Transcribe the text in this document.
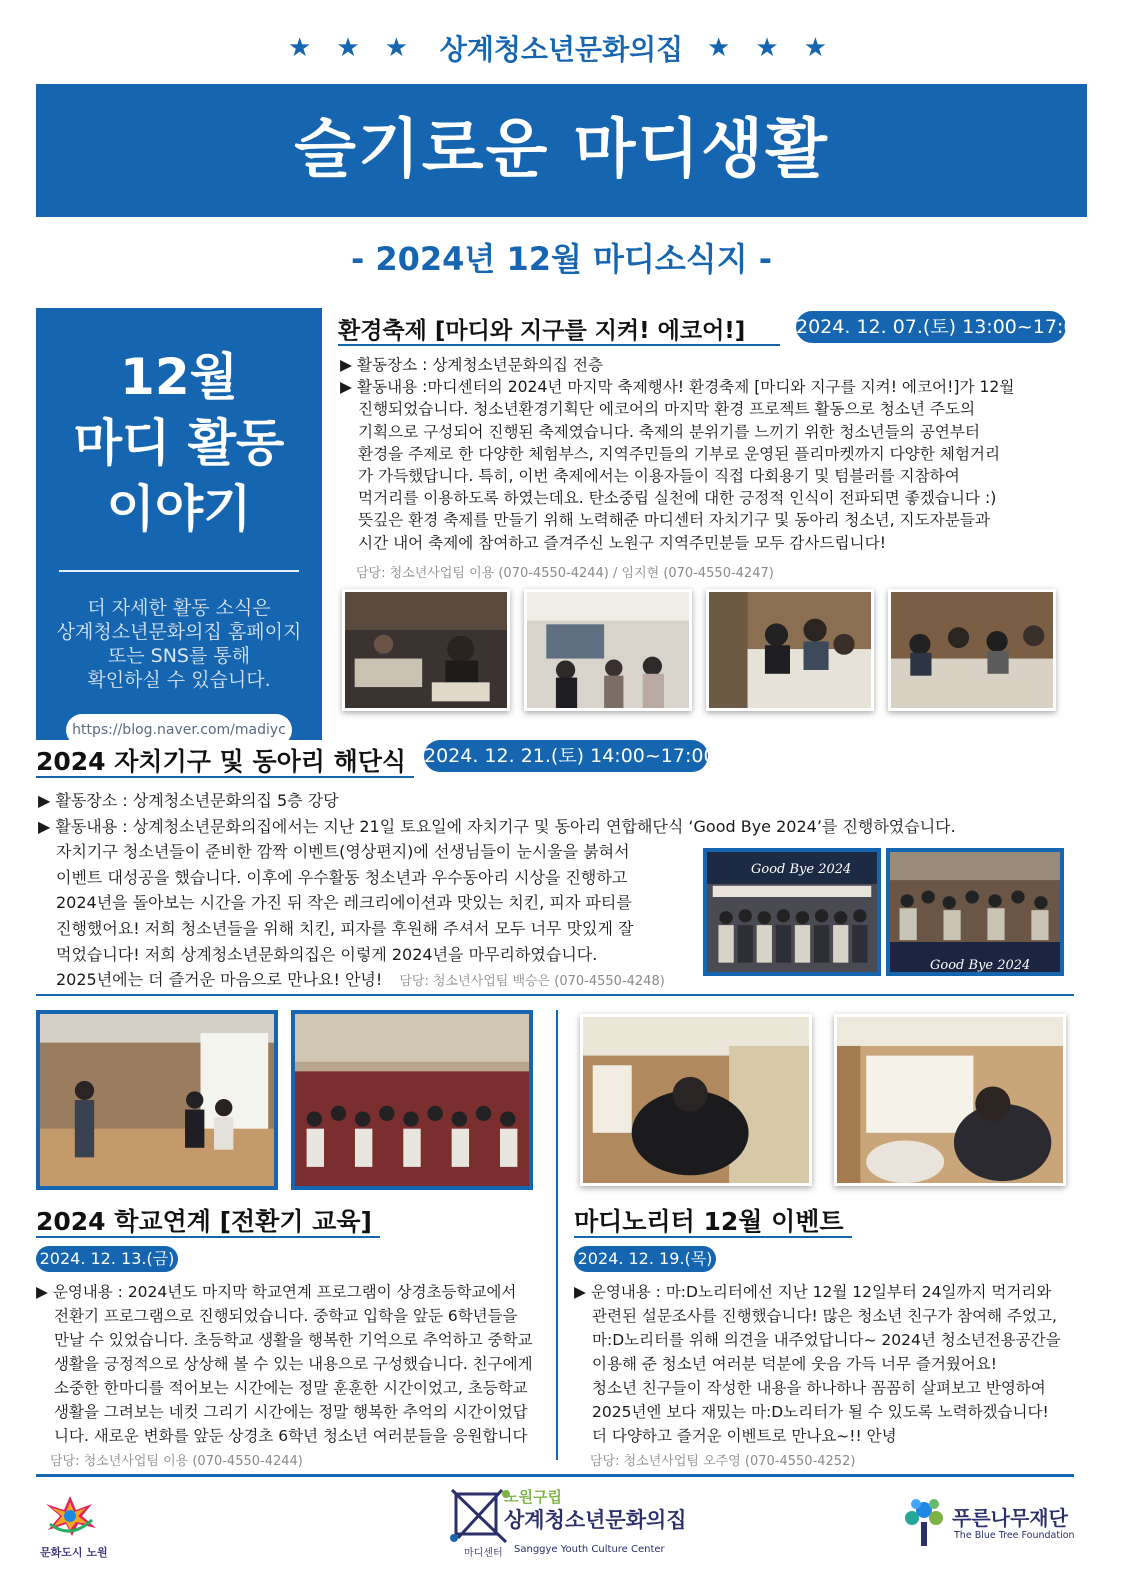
★ ★ ★ 상계청소년문화의집 ★ ★ ★
슬기로운 마디생활
- 2024년 12월 마디소식지 -
12월
마디 활동
이야기
더 자세한 활동 소식은
상계청소년문화의집 홈페이지
또는 SNS를 통해
확인하실 수 있습니다.
https://blog.naver.com/madiyc
환경축제 [마디와 지구를 지켜! 에코어!]	2024. 12. 07.(토) 13:00~17:00
▶ 활동장소 : 상계청소년문화의집 전층
▶ 활동내용 :마디센터의 2024년 마지막 축제행사! 환경축제 [마디와 지구를 지켜! 에코어!]가 12월
진행되었습니다. 청소년환경기획단 에코어의 마지막 환경 프로젝트 활동으로 청소년 주도의
기획으로 구성되어 진행된 축제였습니다. 축제의 분위기를 느끼기 위한 청소년들의 공연부터
환경을 주제로 한 다양한 체험부스, 지역주민들의 기부로 운영된 플리마켓까지 다양한 체험거리
가 가득했답니다. 특히, 이번 축제에서는 이용자들이 직접 다회용기 및 텀블러를 지참하여
먹거리를 이용하도록 하였는데요. 탄소중립 실천에 대한 긍정적 인식이 전파되면 좋겠습니다 :)
뜻깊은 환경 축제를 만들기 위해 노력해준 마디센터 자치기구 및 동아리 청소년, 지도자분들과
시간 내어 축제에 참여하고 즐겨주신 노원구 지역주민분들 모두 감사드립니다!
담당: 청소년사업팀 이용 (070-4550-4244) / 임지현 (070-4550-4247)
2024 자치기구 및 동아리 해단식 2024. 12. 21.(토) 14:00~17:00
▶ 활동장소 : 상계청소년문화의집 5층 강당
▶ 활동내용 : 상계청소년문화의집에서는 지난 21일 토요일에 자치기구 및 동아리 연합해단식 ‘Good Bye 2024’를 진행하였습니다.
자치기구 청소년들이 준비한 깜짝 이벤트(영상편지)에 선생님들이 눈시울을 붉혀서
이벤트 대성공을 했습니다. 이후에 우수활동 청소년과 우수동아리 시상을 진행하고
2024년을 돌아보는 시간을 가진 뒤 작은 레크리에이션과 맛있는 치킨, 피자 파티를
진행했어요! 저희 청소년들을 위해 치킨, 피자를 후원해 주셔서 모두 너무 맛있게 잘
먹었습니다! 저희 상계청소년문화의집은 이렇게 2024년을 마무리하였습니다.
2025년에는 더 즐거운 마음으로 만나요! 안녕! 담당: 청소년사업팀 백승은 (070-4550-4248)
Good Bye 2024
Good Bye 2024
2024 학교연계 [전환기 교육]
2024. 12. 13.(금)
▶ 운영내용 : 2024년도 마지막 학교연계 프로그램이 상경초등학교에서
전환기 프로그램으로 진행되었습니다. 중학교 입학을 앞둔 6학년들을
만날 수 있었습니다. 초등학교 생활을 행복한 기억으로 추억하고 중학교
생활을 긍정적으로 상상해 볼 수 있는 내용으로 구성했습니다. 친구에게
소중한 한마디를 적어보는 시간에는 정말 훈훈한 시간이었고, 초등학교
생활을 그려보는 네컷 그리기 시간에는 정말 행복한 추억의 시간이었답
니다. 새로운 변화를 앞둔 상경초 6학년 청소년 여러분들을 응원합니다
담당: 청소년사업팀 이용 (070-4550-4244)
마디노리터 12월 이벤트
2024. 12. 19.(목)
▶ 운영내용 : 마:D노리터에선 지난 12월 12일부터 24일까지 먹거리와
관련된 설문조사를 진행했습니다! 많은 청소년 친구가 참여해 주었고,
마:D노리터를 위해 의견을 내주었답니다~ 2024년 청소년전용공간을
이용해 준 청소년 여러분 덕분에 웃음 가득 너무 즐거웠어요!
청소년 친구들이 작성한 내용을 하나하나 꼼꼼히 살펴보고 반영하여
2025년엔 보다 재밌는 마:D노리터가 될 수 있도록 노력하겠습니다!
더 다양하고 즐거운 이벤트로 만나요~!! 안녕
담당: 청소년사업팀 오주영 (070-4550-4252)
문화도시 노원
노원구립
상계청소년문화의집
마디센터 Sanggye Youth Culture Center
푸른나무재단
The Blue Tree Foundation
